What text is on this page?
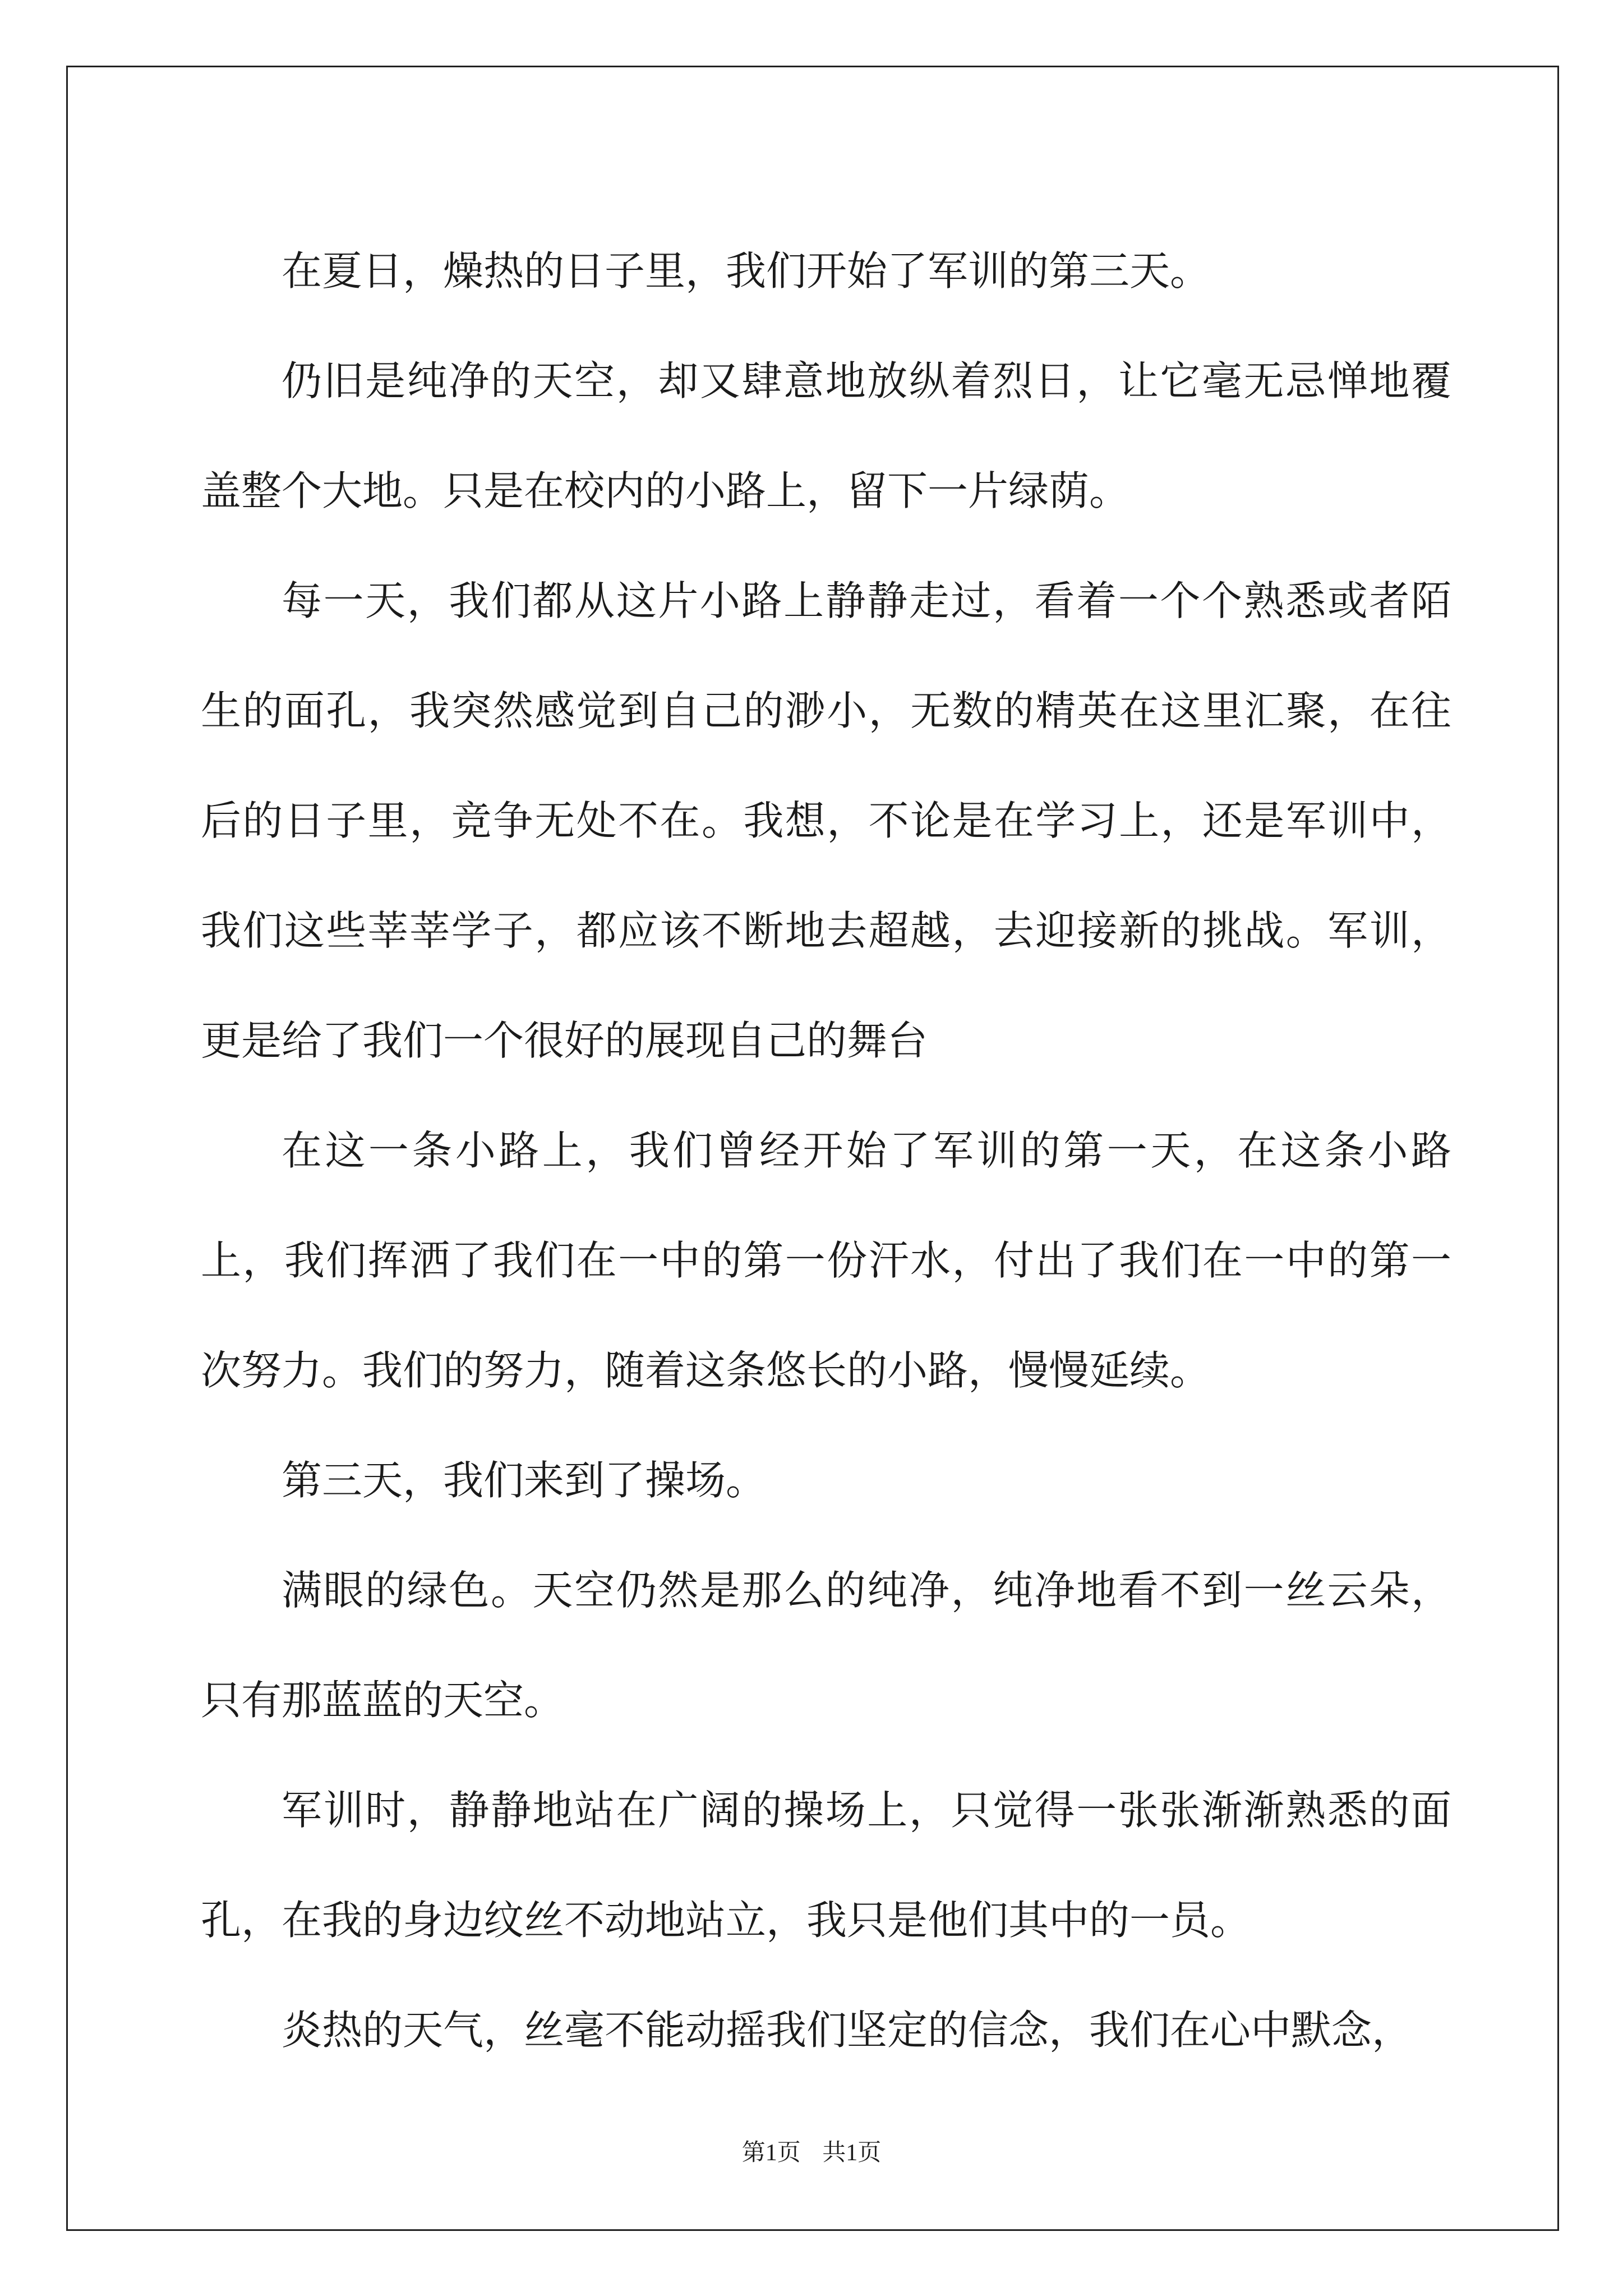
在夏日，燥热的日子里，我们开始了军训的第三天。

仍旧是纯净的天空，却又肆意地放纵着烈日，让它毫无忌惮地覆盖整个大地。只是在校内的小路上，留下一片绿荫。

每一天，我们都从这片小路上静静走过，看着一个个熟悉或者陌生的面孔，我突然感觉到自己的渺小，无数的精英在这里汇聚，在往后的日子里，竞争无处不在。我想，不论是在学习上，还是军训中，我们这些莘莘学子，都应该不断地去超越，去迎接新的挑战。军训，更是给了我们一个很好的展现自己的舞台

在这一条小路上，我们曾经开始了军训的第一天，在这条小路上，我们挥洒了我们在一中的第一份汗水，付出了我们在一中的第一次努力。我们的努力，随着这条悠长的小路，慢慢延续。

第三天，我们来到了操场。

满眼的绿色。天空仍然是那么的纯净，纯净地看不到一丝云朵，只有那蓝蓝的天空。

军训时，静静地站在广阔的操场上，只觉得一张张渐渐熟悉的面孔，在我的身边纹丝不动地站立，我只是他们其中的一员。

炎热的天气，丝毫不能动摇我们坚定的信念，我们在心中默念，

第1页 共1页
